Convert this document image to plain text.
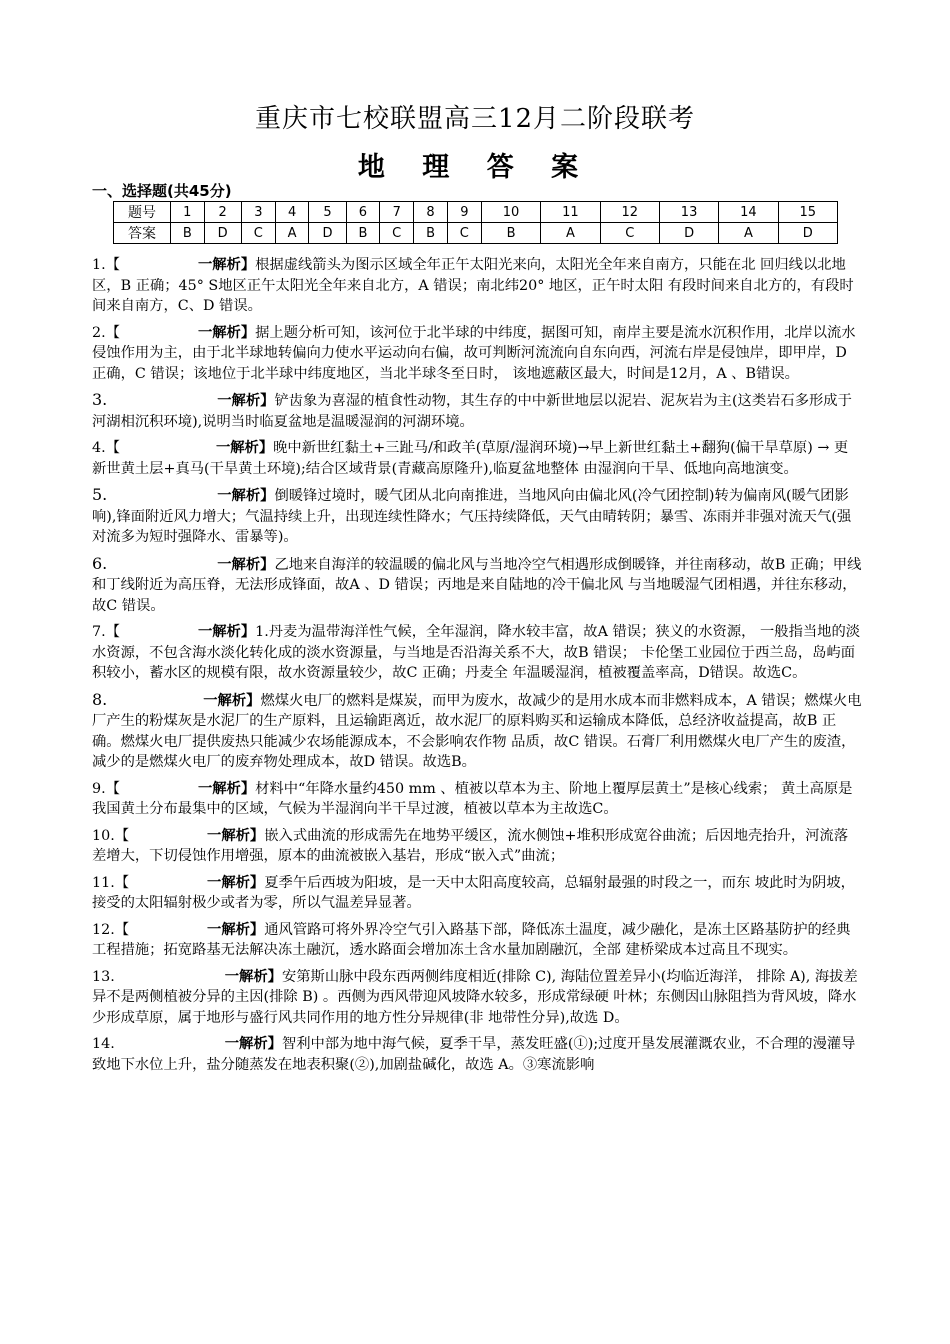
重庆市七校联盟高三12月二阶段联考
地 理 答 案
一、选择题(共45分)
题号	1	2	3	4	5	6	7	8	9	10	11	12	13	14	15
答案	B	D	C	A	D	B	C	B	C	B	A	C	D	A	D
1.【	一解析】根据虚线箭头为图示区域全年正午太阳光来向，太阳光全年来自南方，只能在北 回归线以北地区，B 正确；45° S地区正午太阳光全年来自北方，A 错误；南北纬20° 地区，正午时太阳 有段时间来自北方的，有段时间来自南方，C、D 错误。
2.【	一解析】据上题分析可知，该河位于北半球的中纬度，据图可知，南岸主要是流水沉积作用，北岸以流水侵蚀作用为主，由于北半球地转偏向力使水平运动向右偏，故可判断河流流向自东向西，河流右岸是侵蚀岸，即甲岸，D 正确，C 错误；该地位于北半球中纬度地区，当北半球冬至日时， 该地遮蔽区最大，时间是12月，A 、B错误。
3.	一解析】铲齿象为喜湿的植食性动物，其生存的中中新世地层以泥岩、泥灰岩为主(这类岩石多形成于河湖相沉积环境),说明当时临夏盆地是温暖湿润的河湖环境。
4.【	一解析】晚中新世红黏土+三趾马/和政羊(草原/湿润环境)→早上新世红黏土+翻狗(偏干旱草原) → 更新世黄土层+真马(干旱黄土环境);结合区域背景(青藏高原隆升),临夏盆地整体 由湿润向干旱、低地向高地演变。
5.	一解析】倒暖锋过境时，暖气团从北向南推进，当地风向由偏北风(冷气团控制)转为偏南风(暖气团影响),锋面附近风力增大；气温持续上升，出现连续性降水；气压持续降低，天气由晴转阴；暴雪、冻雨并非强对流天气(强对流多为短时强降水、雷暴等)。
6.	一解析】乙地来自海洋的较温暖的偏北风与当地冷空气相遇形成倒暖锋，并往南移动，故B 正确；甲线和丁线附近为高压脊，无法形成锋面，故A 、D 错误；丙地是来自陆地的冷干偏北风 与当地暖湿气团相遇，并往东移动，故C 错误。
7.【	一解析】1.丹麦为温带海洋性气候，全年湿润，降水较丰富，故A 错误；狭义的水资源， 一般指当地的淡水资源，不包含海水淡化转化成的淡水资源量，与当地是否沿海关系不大，故B 错误； 卡伦堡工业园位于西兰岛，岛屿面积较小，蓄水区的规模有限，故水资源量较少，故C 正确；丹麦全 年温暖湿润，植被覆盖率高，D错误。故选C。
8.	一解析】燃煤火电厂的燃料是煤炭，而甲为废水，故减少的是用水成本而非燃料成本，A 错误；燃煤火电厂产生的粉煤灰是水泥厂的生产原料，且运输距离近，故水泥厂的原料购买和运输成本降低，总经济收益提高，故B 正确。燃煤火电厂提供废热只能减少农场能源成本，不会影响农作物 品质，故C 错误。石膏厂利用燃煤火电厂产生的废渣，减少的是燃煤火电厂的废弃物处理成本，故D 错误。故选B。
9.【	一解析】材料中“年降水量约450 mm 、植被以草本为主、阶地上覆厚层黄土”是核心线索； 黄土高原是我国黄土分布最集中的区域，气候为半湿润向半干旱过渡，植被以草本为主故选C。
10.【	一解析】嵌入式曲流的形成需先在地势平缓区，流水侧蚀+堆积形成宽谷曲流；后因地壳抬升，河流落差增大，下切侵蚀作用增强，原本的曲流被嵌入基岩，形成“嵌入式”曲流；
11.【	一解析】夏季午后西坡为阳坡，是一天中太阳高度较高，总辐射最强的时段之一，而东 坡此时为阴坡，接受的太阳辐射极少或者为零，所以气温差异显著。
12.【	一解析】通风管路可将外界冷空气引入路基下部，降低冻土温度，减少融化，是冻土区路基防护的经典工程措施；拓宽路基无法解决冻土融沉，透水路面会增加冻土含水量加剧融沉，全部 建桥梁成本过高且不现实。
13.	一解析】安第斯山脉中段东西两侧纬度相近(排除 C), 海陆位置差异小(均临近海洋， 排除 A), 海拔差异不是两侧植被分异的主因(排除 B) 。西侧为西风带迎风坡降水较多，形成常绿硬 叶林；东侧因山脉阻挡为背风坡，降水少形成草原，属于地形与盛行风共同作用的地方性分异规律(非 地带性分异),故选 D。
14.	一解析】智利中部为地中海气候，夏季干旱，蒸发旺盛(①);过度开垦发展灌溉农业，不合理的漫灌导致地下水位上升，盐分随蒸发在地表积聚(②),加剧盐碱化，故选 A。③寒流影响
